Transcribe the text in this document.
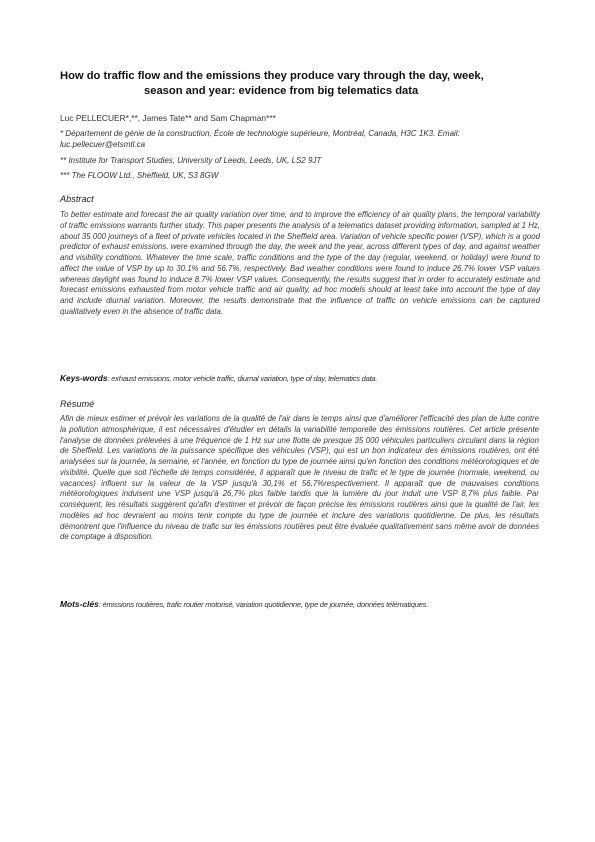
How do traffic flow and the emissions they produce vary through the day, week,
season and year: evidence from big telematics data
Luc PELLECUER*,**, James Tate** and Sam Chapman***
* Département de génie de la construction, École de technologie supérieure, Montréal, Canada, H3C 1K3. Email: luc.pellecuer@etsmtl.ca
** Institute for Transport Studies, University of Leeds, Leeds, UK, LS2 9JT
*** The FLOOW Ltd., Sheffield, UK, S3 8GW
Abstract
To better estimate and forecast the air quality variation over time, and to improve the efficiency of air quality plans, the temporal variability of traffic emissions warrants further study. This paper presents the analysis of a telematics dataset providing information, sampled at 1 Hz, about 35 000 journeys of a fleet of private vehicles located in the Sheffield area. Variation of vehicle specific power (VSP), which is a good predictor of exhaust emissions, were examined through the day, the week and the year, across different types of day, and against weather and visibility conditions. Whatever the time scale, traffic conditions and the type of the day (regular, weekend, or holiday) were found to affect the value of VSP by up to 30.1% and 56.7%, respectively. Bad weather conditions were found to induce 26.7% lower VSP values whereas daylight was found to induce 8.7% lower VSP values. Consequently, the results suggest that in order to accurately estimate and forecast emissions exhausted from motor vehicle traffic and air quality, ad hoc models should at least take into account the type of day and include diurnal variation. Moreover, the results demonstrate that the influence of traffic on vehicle emissions can be captured qualitatively even in the absence of traffic data.
Keys-words: exhaust emissions, motor vehicle traffic, diurnal variation, type of day, telematics data.
Résumé
Afin de mieux estimer et prévoir les variations de la qualité de l'air dans le temps ainsi que d'améliorer l'efficacité des plan de lutte contre la pollution atmosphérique, il est nécessaires d'étudier en détails la variabilité temporelle des émissions routières. Cet article présente l'analyse de données prélevées à une fréquence de 1 Hz sur une flotte de presque 35 000 véhicules particuliers circulant dans la région de Sheffield. Les variations de la puissance spécifique des véhicules (VSP), qui est un bon indicateur des émissions routières, ont été analysées sur la journée, la semaine, et l'année, en fonction du type de journée ainsi qu'en fonction des conditions météorologiques et de visibilité. Quelle que soit l'échelle de temps considérée, il apparaît que le niveau de trafic et le type de journée (normale, weekend, ou vacances) influent sur la valeur de la VSP jusqu'à 30,1% et 56,7%respectivement. Il apparaît que de mauvaises conditions météorologiques induisent une VSP jusqu'à 26,7% plus faible tandis que la lumière du jour induit une VSP 8,7% plus faible. Par conséquent, les résultats suggèrent qu'afin d'estimer et prévoir de façon précise les émissions routières ainsi que la qualité de l'air, les modèles ad hoc devraient au moins tenir compte du type de journée et inclure des variations quotidienne. De plus, les résultats démontrent que l'influence du niveau de trafic sur les émissions routières peut être évaluée qualitativement sans même avoir de données de comptage à disposition.
Mots-clés: émissions routières, trafic routier motorisé, variation quotidienne, type de journée, données télématiques.
